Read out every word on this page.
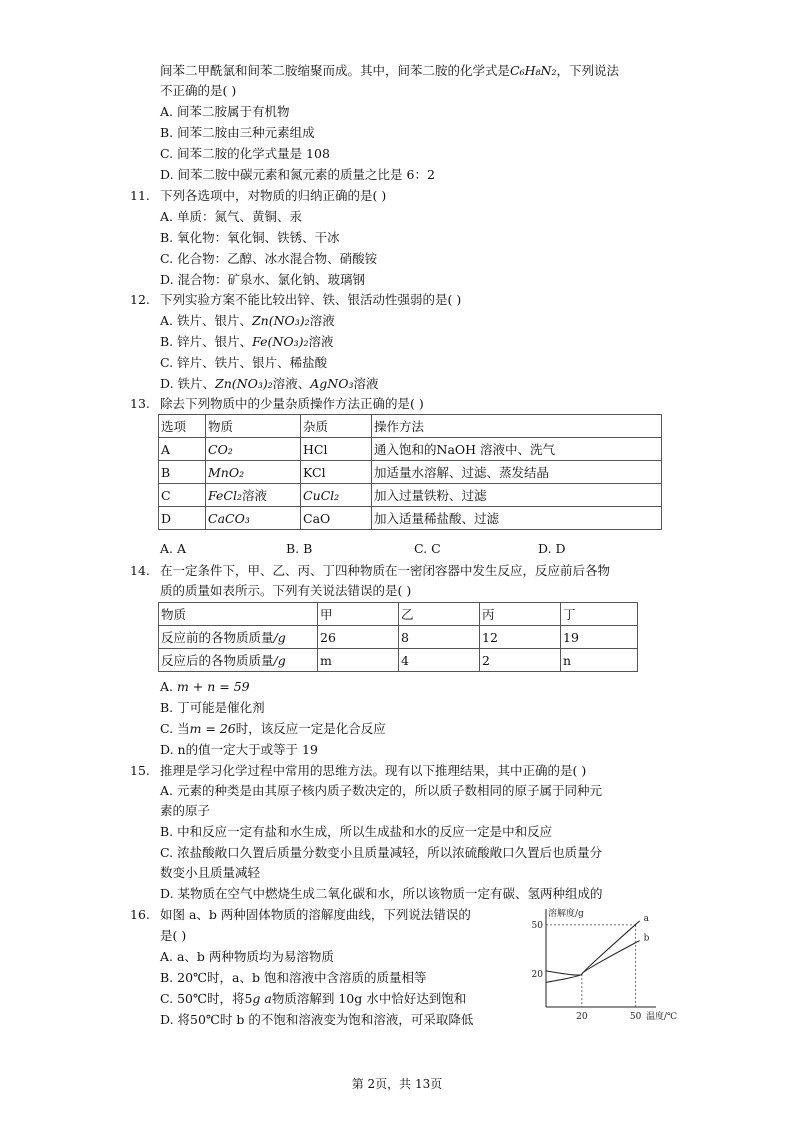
间苯二甲酰氯和间苯二胺缩聚而成。其中，间苯二胺的化学式是C₆H₈N₂，下列说法
不正确的是( )
A. 间苯二胺属于有机物
B. 间苯二胺由三种元素组成
C. 间苯二胺的化学式量是 108
D. 间苯二胺中碳元素和氮元素的质量之比是 6：2
11. 下列各选项中，对物质的归纳正确的是( )
A. 单质：氮气、黄铜、汞
B. 氧化物：氧化铜、铁锈、干冰
C. 化合物：乙醇、冰水混合物、硝酸铵
D. 混合物：矿泉水、氯化钠、玻璃钢
12. 下列实验方案不能比较出锌、铁、银活动性强弱的是( )
A. 铁片、银片、Zn(NO₃)₂溶液
B. 锌片、银片、Fe(NO₃)₂溶液
C. 锌片、铁片、银片、稀盐酸
D. 铁片、Zn(NO₃)₂溶液、AgNO₃溶液
13. 除去下列物质中的少量杂质操作方法正确的是( )
选项	物质	杂质	操作方法
A	CO₂	HCl	通入饱和的NaOH 溶液中、洗气
B	MnO₂	KCl	加适量水溶解、过滤、蒸发结晶
C	FeCl₂溶液	CuCl₂	加入过量铁粉、过滤
D	CaCO₃	CaO	加入适量稀盐酸、过滤
A. A	B. B	C. C	D. D
14. 在一定条件下，甲、乙、丙、丁四种物质在一密闭容器中发生反应，反应前后各物
质的质量如表所示。下列有关说法错误的是( )
物质	甲	乙	丙	丁
反应前的各物质质量/g	26	8	12	19
反应后的各物质质量/g	m	4	2	n
A. m + n = 59
B. 丁可能是催化剂
C. 当m = 26时，该反应一定是化合反应
D. n的值一定大于或等于 19
15. 推理是学习化学过程中常用的思维方法。现有以下推理结果，其中正确的是( )
A. 元素的种类是由其原子核内质子数决定的，所以质子数相同的原子属于同种元
素的原子
B. 中和反应一定有盐和水生成，所以生成盐和水的反应一定是中和反应
C. 浓盐酸敞口久置后质量分数变小且质量减轻，所以浓硫酸敞口久置后也质量分
数变小且质量减轻
D. 某物质在空气中燃烧生成二氧化碳和水，所以该物质一定有碳、氢两种组成的
16. 如图 a、b 两种固体物质的溶解度曲线，下列说法错误的
是( )
A. a、b 两种物质均为易溶物质
B. 20℃时，a、b 饱和溶液中含溶质的质量相等
C. 50℃时，将5g a物质溶解到 10g 水中恰好达到饱和
D. 将50℃时 b 的不饱和溶液变为饱和溶液，可采取降低
溶解度/g
温度/℃
50
20
20	50
a
b
第 2页，共 13页
